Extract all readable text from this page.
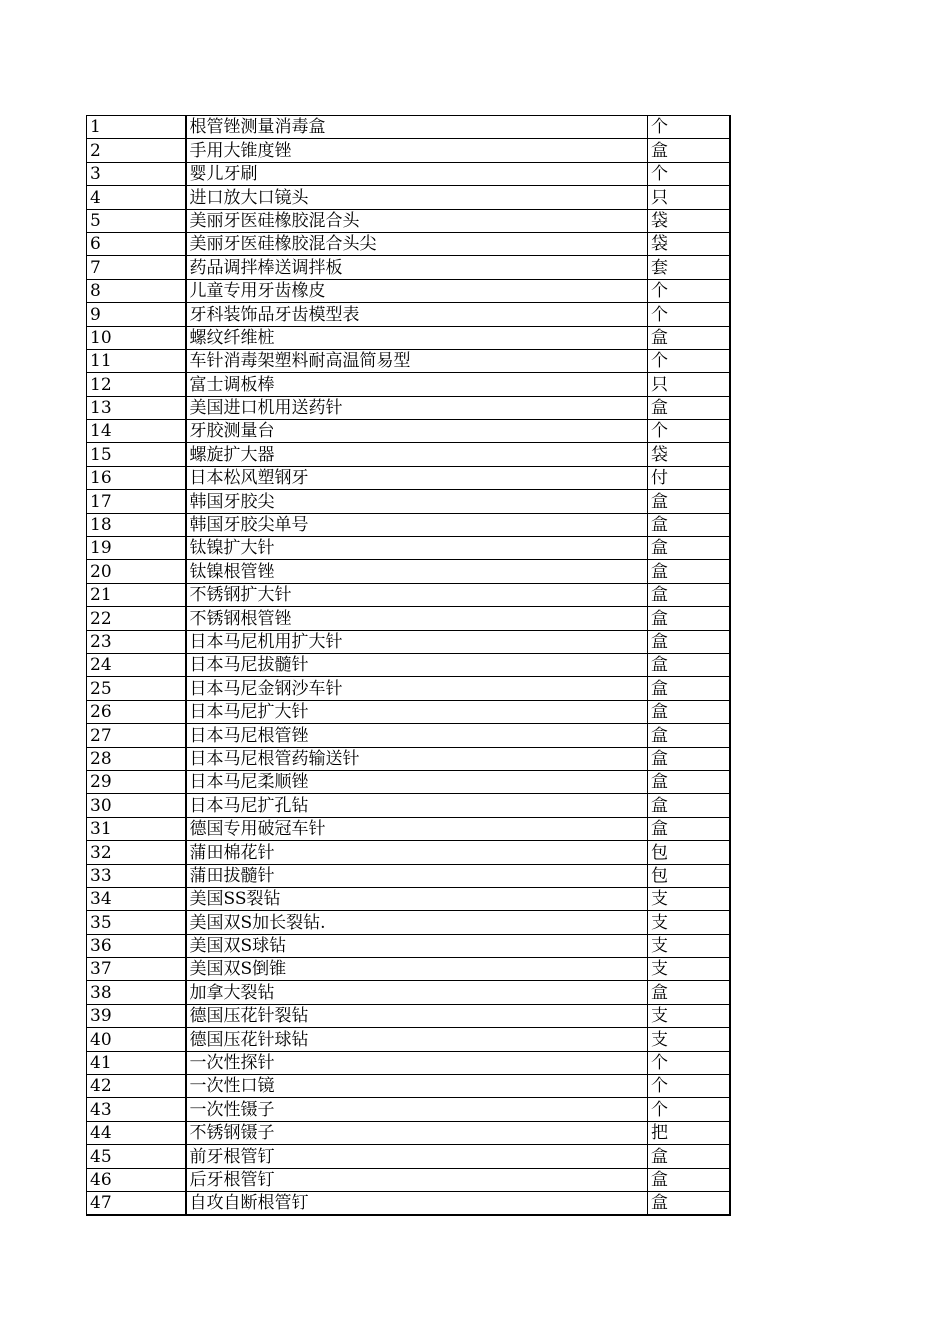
1	根管锉测量消毒盒	个
2	手用大锥度锉	盒
3	婴儿牙刷	个
4	进口放大口镜头	只
5	美丽牙医硅橡胶混合头	袋
6	美丽牙医硅橡胶混合头尖	袋
7	药品调拌棒送调拌板	套
8	儿童专用牙齿橡皮	个
9	牙科装饰品牙齿模型表	个
10	螺纹纤维桩	盒
11	车针消毒架塑料耐高温简易型	个
12	富士调板棒	只
13	美国进口机用送药针	盒
14	牙胶测量台	个
15	螺旋扩大器	袋
16	日本松风塑钢牙	付
17	韩国牙胶尖	盒
18	韩国牙胶尖单号	盒
19	钛镍扩大针	盒
20	钛镍根管锉	盒
21	不锈钢扩大针	盒
22	不锈钢根管锉	盒
23	日本马尼机用扩大针	盒
24	日本马尼拔髓针	盒
25	日本马尼金钢沙车针	盒
26	日本马尼扩大针	盒
27	日本马尼根管锉	盒
28	日本马尼根管药输送针	盒
29	日本马尼柔顺锉	盒
30	日本马尼扩孔钻	盒
31	德国专用破冠车针	盒
32	蒲田棉花针	包
33	蒲田拔髓针	包
34	美国SS裂钻	支
35	美国双S加长裂钻.	支
36	美国双S球钻	支
37	美国双S倒锥	支
38	加拿大裂钻	盒
39	德国压花针裂钻	支
40	德国压花针球钻	支
41	一次性探针	个
42	一次性口镜	个
43	一次性镊子	个
44	不锈钢镊子	把
45	前牙根管钉	盒
46	后牙根管钉	盒
47	自攻自断根管钉	盒
